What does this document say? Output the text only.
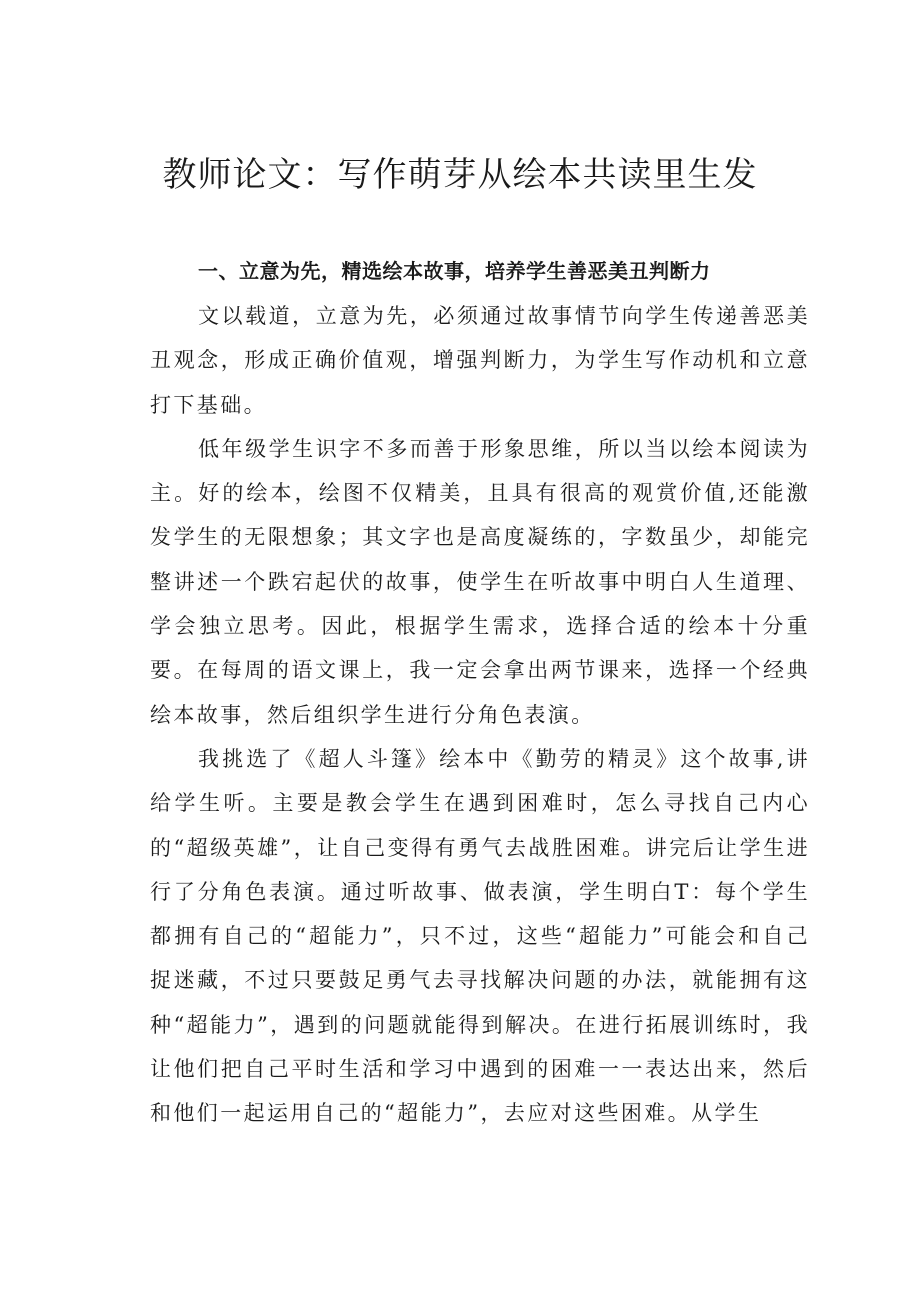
教师论文：写作萌芽从绘本共读里生发
一、立意为先，精选绘本故事，培养学生善恶美丑判断力

文以载道，立意为先，必须通过故事情节向学生传递善恶美丑观念，形成正确价值观，增强判断力，为学生写作动机和立意打下基础。

低年级学生识字不多而善于形象思维，所以当以绘本阅读为主。好的绘本，绘图不仅精美，且具有很高的观赏价值,还能激发学生的无限想象；其文字也是高度凝练的，字数虽少，却能完整讲述一个跌宕起伏的故事，使学生在听故事中明白人生道理、学会独立思考。因此，根据学生需求，选择合适的绘本十分重要。在每周的语文课上，我一定会拿出两节课来，选择一个经典绘本故事，然后组织学生进行分角色表演。

我挑选了《超人斗篷》绘本中《勤劳的精灵》这个故事,讲给学生听。主要是教会学生在遇到困难时，怎么寻找自己内心的“超级英雄”，让自己变得有勇气去战胜困难。讲完后让学生进行了分角色表演。通过听故事、做表演，学生明白T：每个学生都拥有自己的“超能力”，只不过，这些“超能力”可能会和自己捉迷藏，不过只要鼓足勇气去寻找解决问题的办法，就能拥有这种“超能力”，遇到的问题就能得到解决。在进行拓展训练时，我让他们把自己平时生活和学习中遇到的困难一一表达出来，然后和他们一起运用自己的“超能力”，去应对这些困难。从学生
